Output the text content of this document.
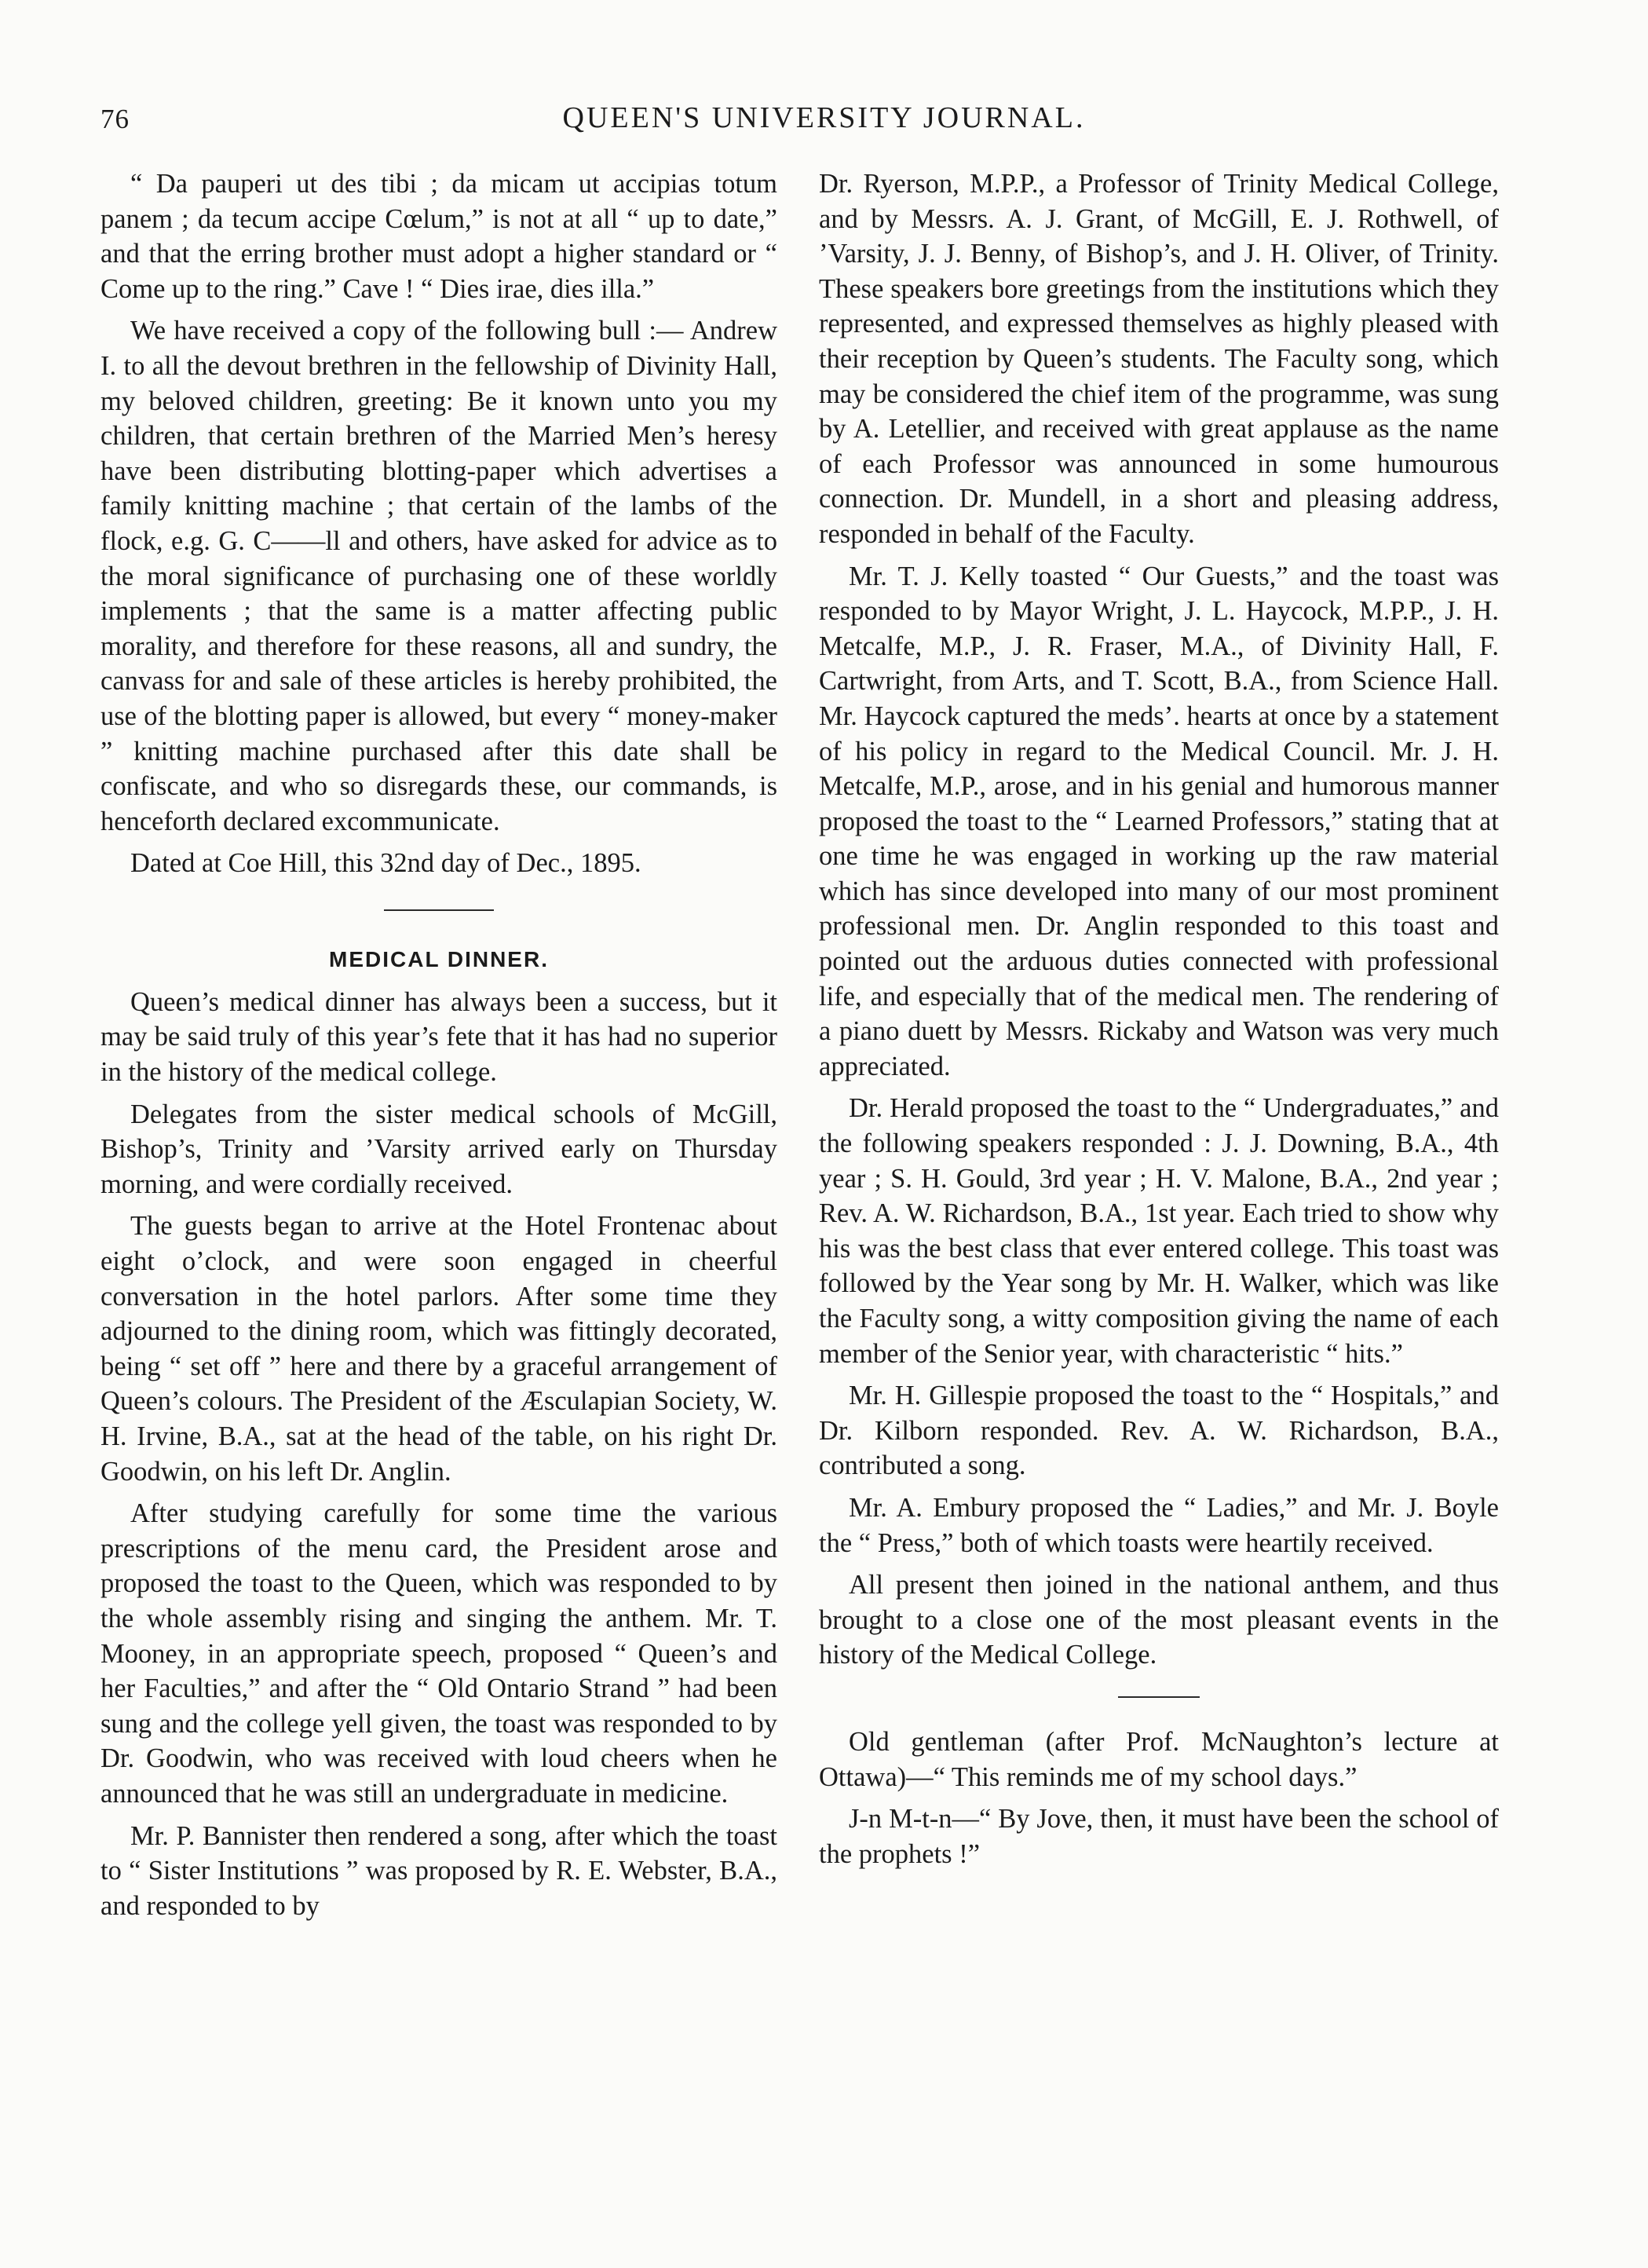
76	QUEEN'S UNIVERSITY JOURNAL.

“ Da pauperi ut des tibi ; da micam ut accipias totum panem ; da tecum accipe Cœlum,” is not at all “ up to date,” and that the erring brother must adopt a higher standard or “ Come up to the ring.” Cave ! “ Dies irae, dies illa.”

We have received a copy of the following bull :— Andrew I. to all the devout brethren in the fellowship of Divinity Hall, my beloved children, greeting: Be it known unto you my children, that certain brethren of the Married Men’s heresy have been distributing blotting-paper which advertises a family knitting machine ; that certain of the lambs of the flock, e.g. G. C——ll and others, have asked for advice as to the moral significance of purchasing one of these worldly implements ; that the same is a matter affecting public morality, and therefore for these reasons, all and sundry, the canvass for and sale of these articles is hereby prohibited, the use of the blotting paper is allowed, but every “ money-maker ” knitting machine purchased after this date shall be confiscate, and who so disregards these, our commands, is henceforth declared excommunicate.

Dated at Coe Hill, this 32nd day of Dec., 1895.

MEDICAL DINNER.

Queen’s medical dinner has always been a success, but it may be said truly of this year’s fete that it has had no superior in the history of the medical college.

Delegates from the sister medical schools of McGill, Bishop’s, Trinity and ’Varsity arrived early on Thursday morning, and were cordially received.

The guests began to arrive at the Hotel Frontenac about eight o’clock, and were soon engaged in cheerful conversation in the hotel parlors. After some time they adjourned to the dining room, which was fittingly decorated, being “ set off ” here and there by a graceful arrangement of Queen’s colours. The President of the Æsculapian Society, W. H. Irvine, B.A., sat at the head of the table, on his right Dr. Goodwin, on his left Dr. Anglin.

After studying carefully for some time the various prescriptions of the menu card, the President arose and proposed the toast to the Queen, which was responded to by the whole assembly rising and singing the anthem. Mr. T. Mooney, in an appropriate speech, proposed “ Queen’s and her Faculties,” and after the “ Old Ontario Strand ” had been sung and the college yell given, the toast was responded to by Dr. Goodwin, who was received with loud cheers when he announced that he was still an undergraduate in medicine.

Mr. P. Bannister then rendered a song, after which the toast to “ Sister Institutions ” was proposed by R. E. Webster, B.A., and responded to by

Dr. Ryerson, M.P.P., a Professor of Trinity Medical College, and by Messrs. A. J. Grant, of McGill, E. J. Rothwell, of ’Varsity, J. J. Benny, of Bishop’s, and J. H. Oliver, of Trinity. These speakers bore greetings from the institutions which they represented, and expressed themselves as highly pleased with their reception by Queen’s students. The Faculty song, which may be considered the chief item of the programme, was sung by A. Letellier, and received with great applause as the name of each Professor was announced in some humourous connection. Dr. Mundell, in a short and pleasing address, responded in behalf of the Faculty.

Mr. T. J. Kelly toasted “ Our Guests,” and the toast was responded to by Mayor Wright, J. L. Haycock, M.P.P., J. H. Metcalfe, M.P., J. R. Fraser, M.A., of Divinity Hall, F. Cartwright, from Arts, and T. Scott, B.A., from Science Hall. Mr. Haycock captured the meds’. hearts at once by a statement of his policy in regard to the Medical Council. Mr. J. H. Metcalfe, M.P., arose, and in his genial and humorous manner proposed the toast to the “ Learned Professors,” stating that at one time he was engaged in working up the raw material which has since developed into many of our most prominent professional men. Dr. Anglin responded to this toast and pointed out the arduous duties connected with professional life, and especially that of the medical men. The rendering of a piano duett by Messrs. Rickaby and Watson was very much appreciated.

Dr. Herald proposed the toast to the “ Undergraduates,” and the following speakers responded : J. J. Downing, B.A., 4th year ; S. H. Gould, 3rd year ; H. V. Malone, B.A., 2nd year ; Rev. A. W. Richardson, B.A., 1st year. Each tried to show why his was the best class that ever entered college. This toast was followed by the Year song by Mr. H. Walker, which was like the Faculty song, a witty composition giving the name of each member of the Senior year, with characteristic “ hits.”

Mr. H. Gillespie proposed the toast to the “ Hospitals,” and Dr. Kilborn responded. Rev. A. W. Richardson, B.A., contributed a song.

Mr. A. Embury proposed the “ Ladies,” and Mr. J. Boyle the “ Press,” both of which toasts were heartily received.

All present then joined in the national anthem, and thus brought to a close one of the most pleasant events in the history of the Medical College.

Old gentleman (after Prof. McNaughton’s lecture at Ottawa)—“ This reminds me of my school days.”

J-n M-t-n—“ By Jove, then, it must have been the school of the prophets !”
